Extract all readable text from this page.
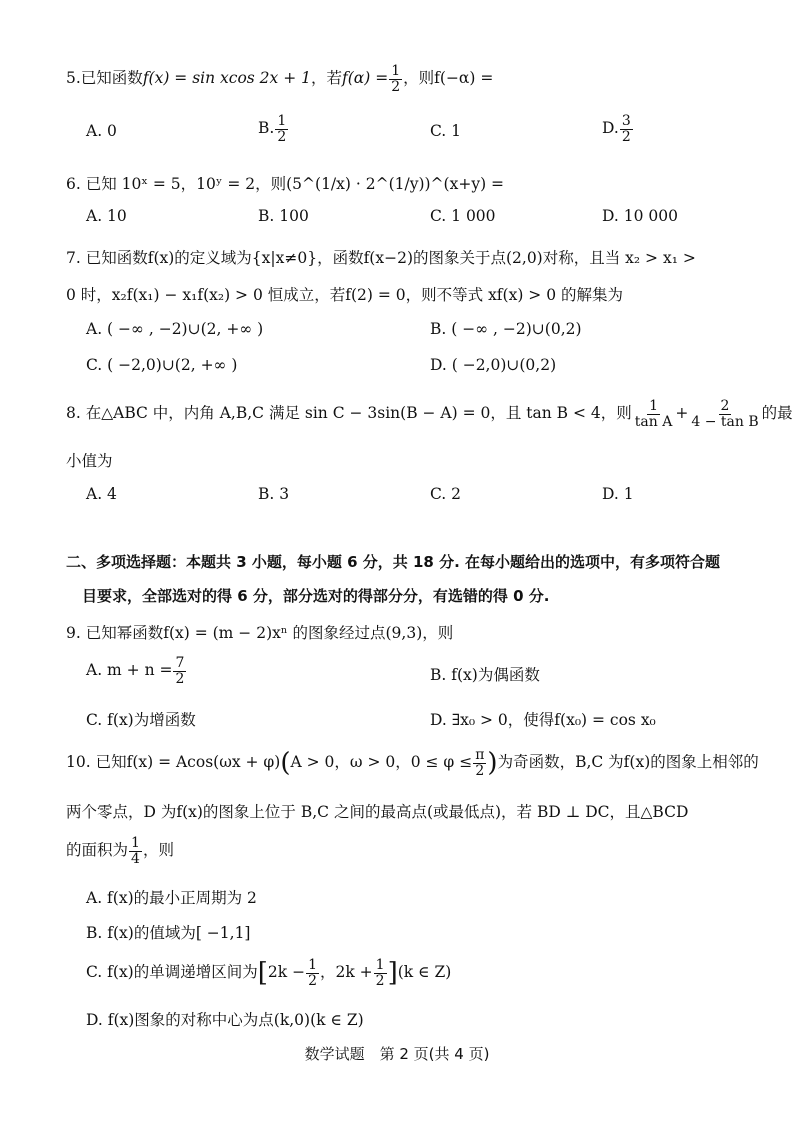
5.已知函数f(x) = sin xcos 2x + 1，若$f(\alpha) = \frac{1}{2}$ ，则f(−α) =
A. 0	B. $\frac{1}{2}$	C. 1	D. $\frac{3}{2}$
6. 已知 10ˣ = 5，10ʸ = 2，则(5^(1/x) · 2^(1/y))^(x+y) =
A. 10	B. 100	C. 1 000	D. 10 000
7. 已知函数f(x)的定义域为{x|x≠0}，函数f(x−2)的图象关于点(2,0)对称，且当 x₂ > x₁ >
0 时，x₂f(x₁) − x₁f(x₂) > 0 恒成立，若f(2) = 0，则不等式 xf(x) > 0 的解集为
A. ( −∞ , −2)∪(2, +∞ )	B. ( −∞ , −2)∪(0,2)
C. ( −2,0)∪(2, +∞ )	D. ( −2,0)∪(0,2)
8. 在△ABC 中，内角 A,B,C 满足 sin C − 3sin(B − A) = 0，且 tan B < 4，则 $\frac{1}{\text{tan A}} + \frac{2}{\text{4 − tan B}}$ 的最
小值为
A. 4	B. 3	C. 2	D. 1
二、多项选择题：本题共 3 小题，每小题 6 分，共 18 分. 在每小题给出的选项中，有多项符合题
目要求，全部选对的得 6 分，部分选对的得部分分，有选错的得 0 分.
9. 已知幂函数f(x) = (m − 2)xⁿ 的图象经过点(9,3)，则
A. $m + n = \frac{7}{2}$	B. f(x)为偶函数
C. f(x)为增函数	D. ∃x₀ > 0，使得f(x₀) = cos x₀
10. 已知f(x) = Acos(ωx + φ)(A > 0，ω > 0，$0 \le \varphi \le \frac{\pi}{2}$ )为奇函数，B,C 为f(x)的图象上相邻的
两个零点，D 为f(x)的图象上位于 B,C 之间的最高点(或最低点)，若 BD ⊥ DC，且△BCD
的面积为 $\frac{1}{4}$ ，则
A. f(x)的最小正周期为 2
B. f(x)的值域为[ −1,1]
C. f(x)的单调递增区间为[$2k - \frac{1}{2}$ ，$2k + \frac{1}{2} ](k$ ∈ Z)
D. f(x)图象的对称中心为点(k,0)(k ∈ Z)
数学试题　第 2 页(共 4 页)
